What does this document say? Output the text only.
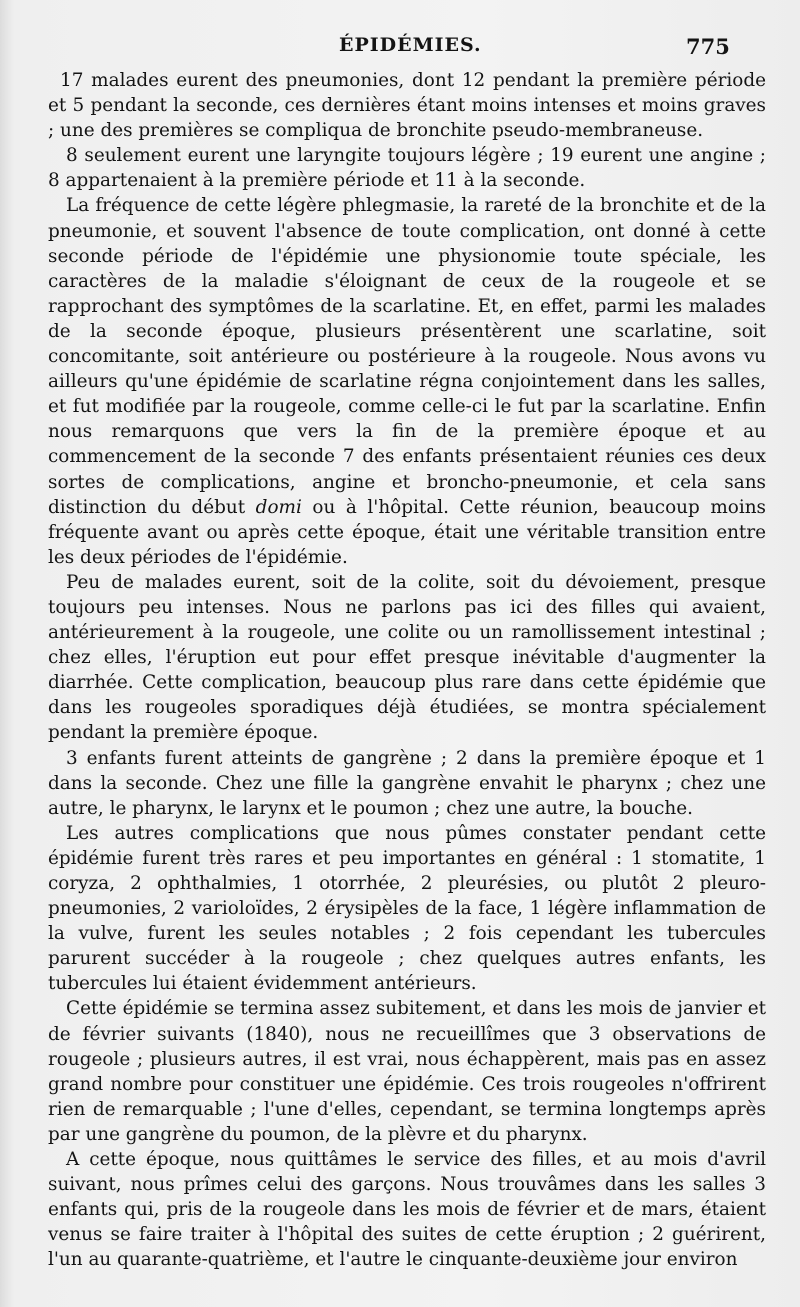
ÉPIDÉMIES.	775

17 malades eurent des pneumonies, dont 12 pendant la première période et 5 pendant la seconde, ces dernières étant moins intenses et moins graves ; une des premières se compliqua de bronchite pseudo-membraneuse.

8 seulement eurent une laryngite toujours légère ; 19 eurent une angine ; 8 appartenaient à la première période et 11 à la seconde.

La fréquence de cette légère phlegmasie, la rareté de la bronchite et de la pneumonie, et souvent l'absence de toute complication, ont donné à cette seconde période de l'épidémie une physionomie toute spéciale, les caractères de la maladie s'éloignant de ceux de la rougeole et se rapprochant des symptômes de la scarlatine. Et, en effet, parmi les malades de la seconde époque, plusieurs présentèrent une scarlatine, soit concomitante, soit antérieure ou postérieure à la rougeole. Nous avons vu ailleurs qu'une épidémie de scarlatine régna conjointement dans les salles, et fut modifiée par la rougeole, comme celle-ci le fut par la scarlatine. Enfin nous remarquons que vers la fin de la première époque et au commencement de la seconde 7 des enfants présentaient réunies ces deux sortes de complications, angine et broncho-pneumonie, et cela sans distinction du début domi ou à l'hôpital. Cette réunion, beaucoup moins fréquente avant ou après cette époque, était une véritable transition entre les deux périodes de l'épidémie.

Peu de malades eurent, soit de la colite, soit du dévoiement, presque toujours peu intenses. Nous ne parlons pas ici des filles qui avaient, antérieurement à la rougeole, une colite ou un ramollissement intestinal ; chez elles, l'éruption eut pour effet presque inévitable d'augmenter la diarrhée. Cette complication, beaucoup plus rare dans cette épidémie que dans les rougeoles sporadiques déjà étudiées, se montra spécialement pendant la première époque.

3 enfants furent atteints de gangrène ; 2 dans la première époque et 1 dans la seconde. Chez une fille la gangrène envahit le pharynx ; chez une autre, le pharynx, le larynx et le poumon ; chez une autre, la bouche.

Les autres complications que nous pûmes constater pendant cette épidémie furent très rares et peu importantes en général : 1 stomatite, 1 coryza, 2 ophthalmies, 1 otorrhée, 2 pleurésies, ou plutôt 2 pleuro-pneumonies, 2 varioloïdes, 2 érysipèles de la face, 1 légère inflammation de la vulve, furent les seules notables ; 2 fois cependant les tubercules parurent succéder à la rougeole ; chez quelques autres enfants, les tubercules lui étaient évidemment antérieurs.

Cette épidémie se termina assez subitement, et dans les mois de janvier et de février suivants (1840), nous ne recueillîmes que 3 observations de rougeole ; plusieurs autres, il est vrai, nous échappèrent, mais pas en assez grand nombre pour constituer une épidémie. Ces trois rougeoles n'offrirent rien de remarquable ; l'une d'elles, cependant, se termina longtemps après par une gangrène du poumon, de la plèvre et du pharynx.

A cette époque, nous quittâmes le service des filles, et au mois d'avril suivant, nous prîmes celui des garçons. Nous trouvâmes dans les salles 3 enfants qui, pris de la rougeole dans les mois de février et de mars, étaient venus se faire traiter à l'hôpital des suites de cette éruption ; 2 guérirent, l'un au quarante-quatrième, et l'autre le cinquante-deuxième jour environ
